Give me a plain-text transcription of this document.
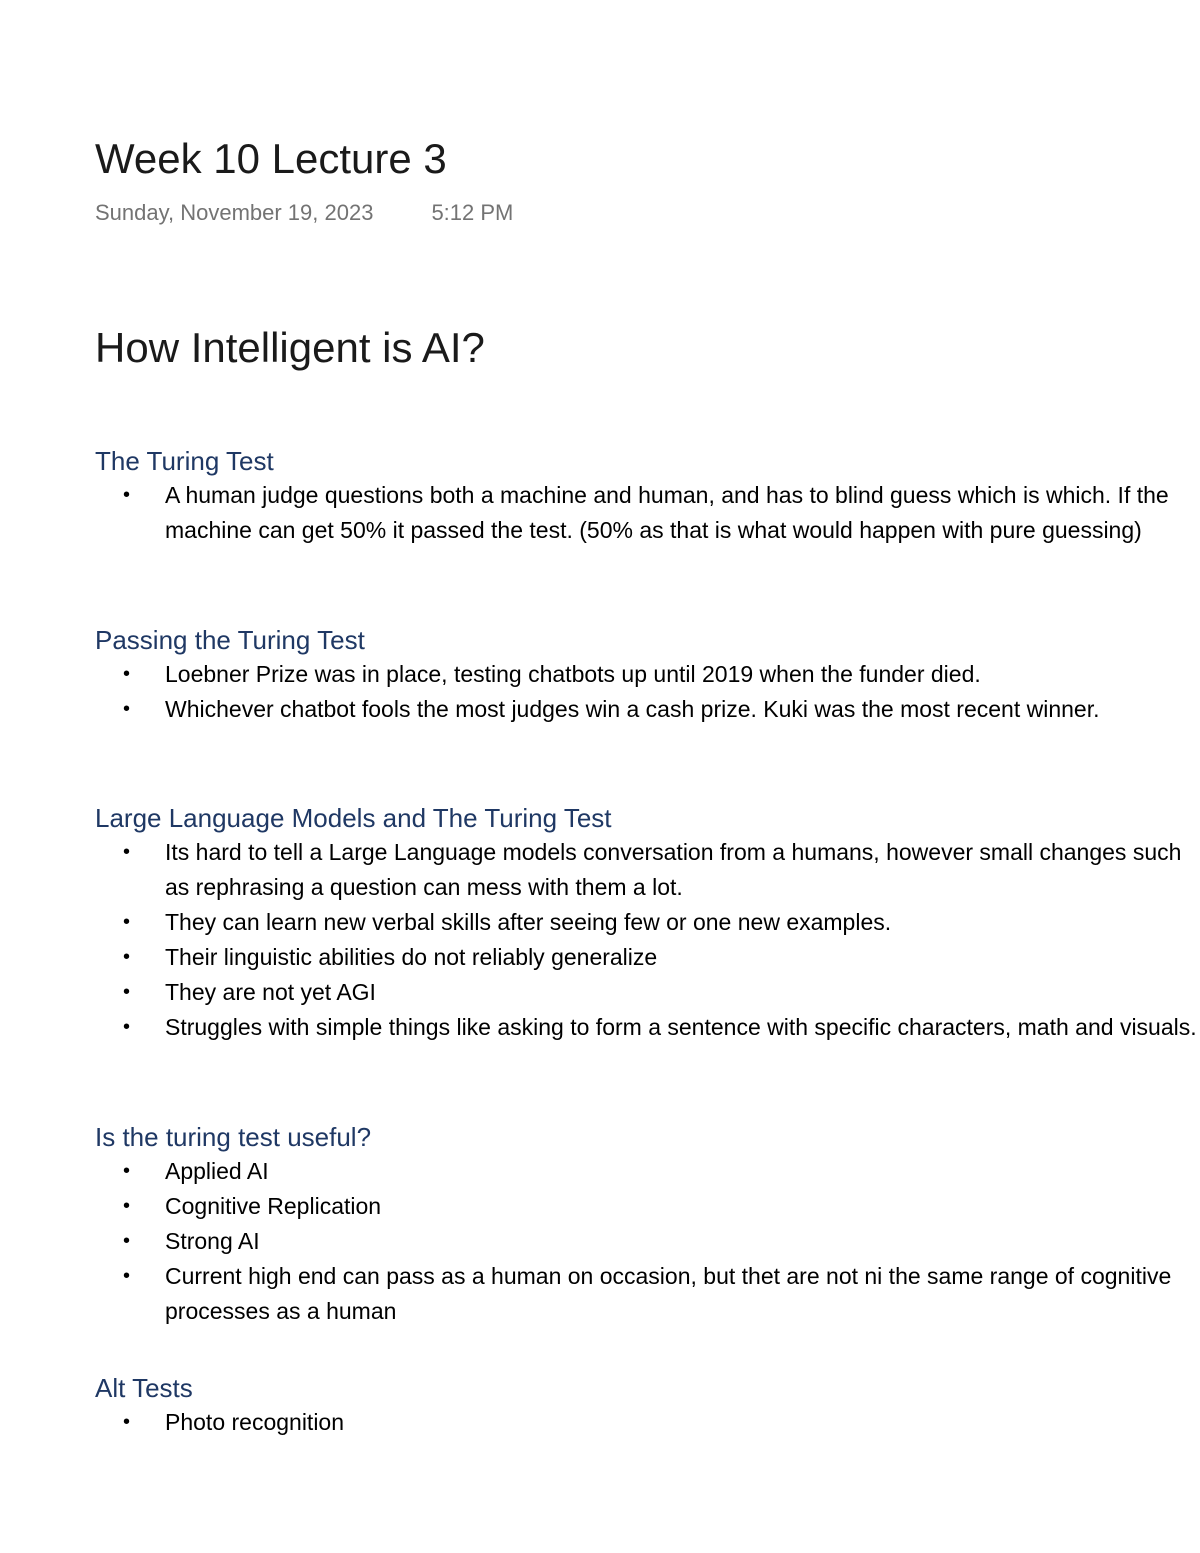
Week 10 Lecture 3
Sunday, November 19, 2023	5:12 PM
How Intelligent is AI?
The Turing Test
•	A human judge questions both a machine and human, and has to blind guess which is which. If the machine can get 50% it passed the test. (50% as that is what would happen with pure guessing)
Passing the Turing Test
•	Loebner Prize was in place, testing chatbots up until 2019 when the funder died.
•	Whichever chatbot fools the most judges win a cash prize. Kuki was the most recent winner.
Large Language Models and The Turing Test
•	Its hard to tell a Large Language models conversation from a humans, however small changes such as rephrasing a question can mess with them a lot.
•	They can learn new verbal skills after seeing few or one new examples.
•	Their linguistic abilities do not reliably generalize
•	They are not yet AGI
•	Struggles with simple things like asking to form a sentence with specific characters, math and visuals.
Is the turing test useful?
•	Applied AI
•	Cognitive Replication
•	Strong AI
•	Current high end can pass as a human on occasion, but thet are not ni the same range of cognitive processes as a human
Alt Tests
•	Photo recognition
